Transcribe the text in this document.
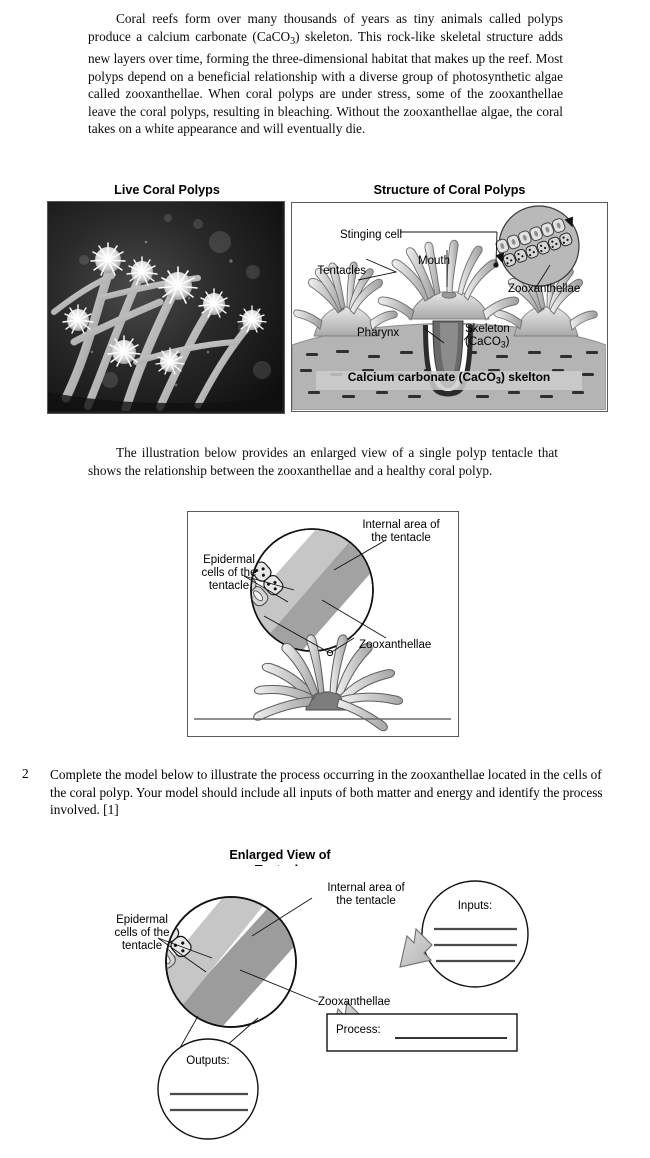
Coral reefs form over many thousands of years as tiny animals called polyps produce a calcium carbonate (CaCO$_3$) skeleton. This rock-like skeletal structure adds new layers over time, forming the three-dimensional habitat that makes up the reef. Most polyps depend on a beneficial relationship with a diverse group of photosynthetic algae called zooxanthellae. When coral polyps are under stress, some of the zooxanthellae leave the coral polyps, resulting in bleaching. Without the zooxanthellae algae, the coral takes on a white appearance and will eventually die.
Live Coral Polyps	Structure of Coral Polyps
Stinging cell
Tentacles
Mouth
Zooxanthellae
Pharynx	Skeleton
(CaCO$_3$)
Calcium carbonate (CaCO$_3$) skelton
The illustration below provides an enlarged view of a single polyp tentacle that shows the relationship between the zooxanthellae and a healthy coral polyp.
Internal area of
the tentacle
Epidermal
cells of the
tentacle
Zooxanthellae
2 Complete the model below to illustrate the process occurring in the zooxanthellae located in the cells of the coral polyp. Your model should include all inputs of both matter and energy and identify the process involved. [1]
Enlarged View of

Internal area of
the tentacle
Epidermal
cells of the
tentacle
Zooxanthellae
Inputs:
Outputs:
Process:
